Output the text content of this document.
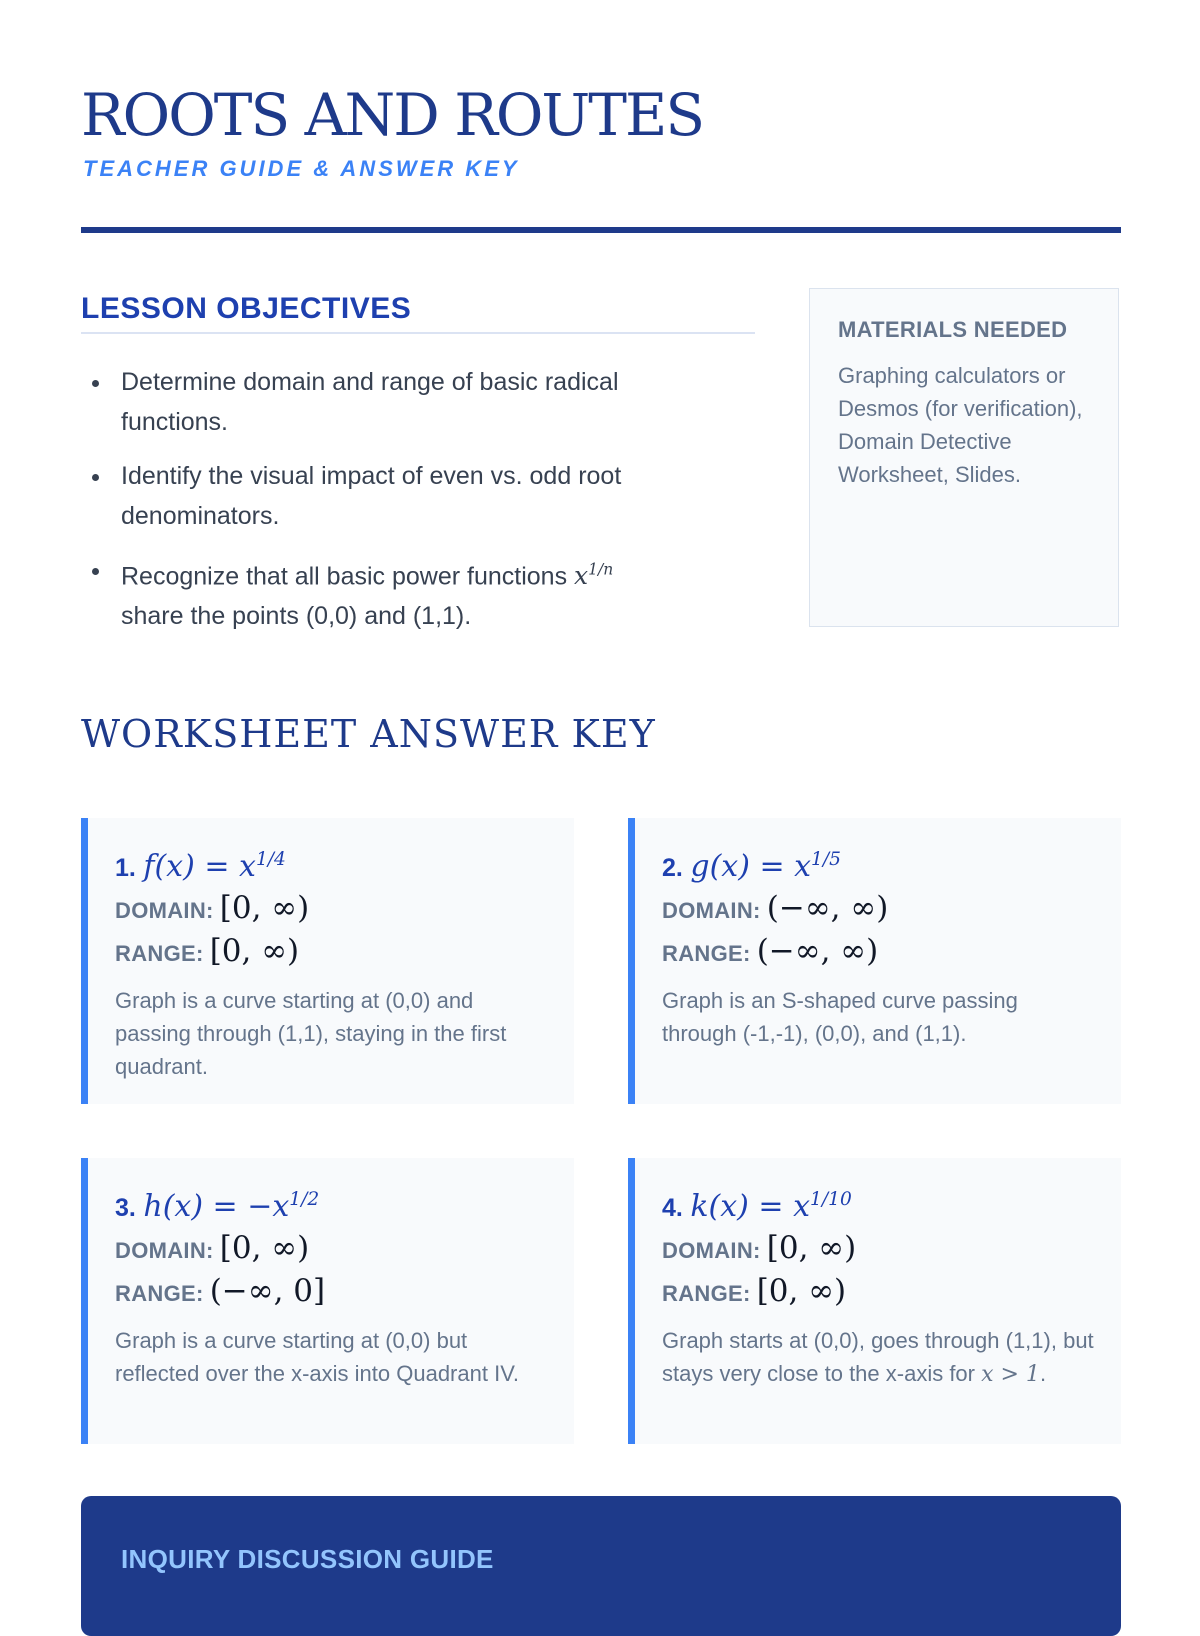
ROOTS AND ROUTES
TEACHER GUIDE & ANSWER KEY
LESSON OBJECTIVES
Determine domain and range of basic radical functions.
Identify the visual impact of even vs. odd root denominators.
Recognize that all basic power functions $x^{1/n}$
share the points (0,0) and (1,1).
MATERIALS NEEDED

Graphing calculators or Desmos (for verification), Domain Detective Worksheet, Slides.

WORKSHEET ANSWER KEY
1. $f(x) = x^{1/4}$
DOMAIN: [0, ∞)
RANGE: [0, ∞)
Graph is a curve starting at (0,0) and passing through (1,1), staying in the first quadrant.
2. $g(x) = x^{1/5}$
DOMAIN: (−∞, ∞)
RANGE: (−∞, ∞)
Graph is an S-shaped curve passing through (-1,-1), (0,0), and (1,1).
3. $h(x) = -x^{1/2}$
DOMAIN: [0, ∞)
RANGE: (−∞, 0]
Graph is a curve starting at (0,0) but reflected over the x-axis into Quadrant IV.
4. $k(x) = x^{1/10}$
DOMAIN: [0, ∞)
RANGE: [0, ∞)
Graph starts at (0,0), goes through (1,1), but stays very close to the x-axis for x > 1.
INQUIRY DISCUSSION GUIDE
